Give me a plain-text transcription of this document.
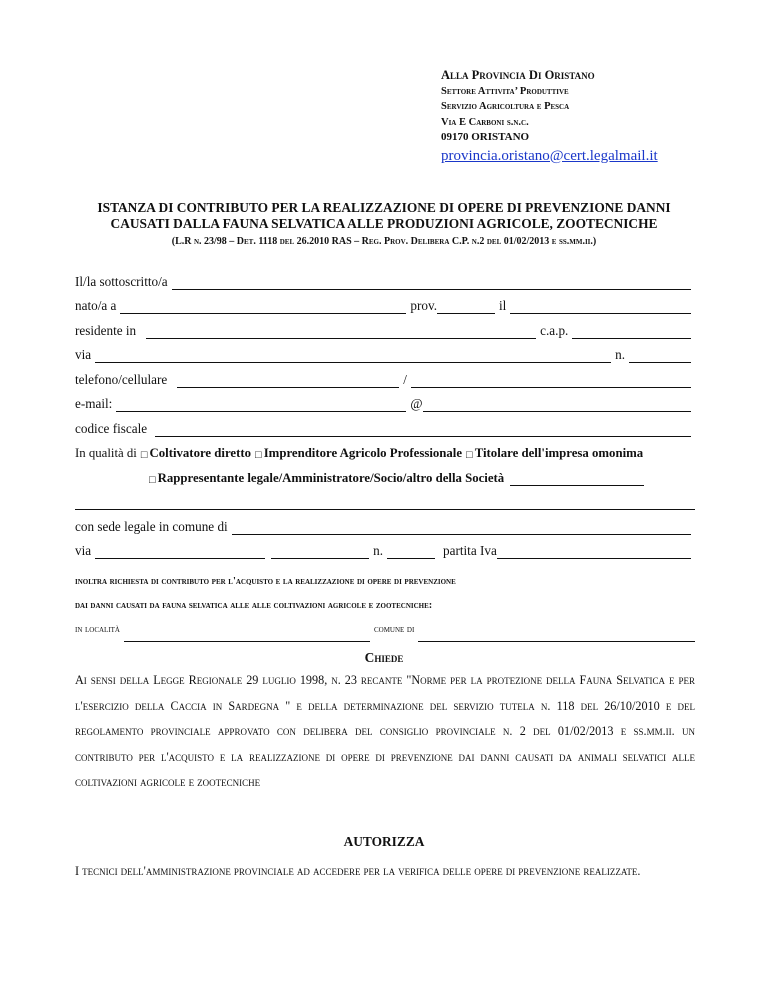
Alla Provincia Di Oristano
Settore Attivita’ Produttive
Servizio Agricoltura e Pesca
Via E Carboni s.n.c.
09170 ORISTANO
provincia.oristano@cert.legalmail.it
ISTANZA DI CONTRIBUTO PER LA REALIZZAZIONE DI OPERE DI PREVENZIONE DANNI
CAUSATI DALLA FAUNA SELVATICA ALLE PRODUZIONI AGRICOLE, ZOOTECNICHE
(L.R n. 23/98 – Det. 1118 del 26.2010 RAS – Reg. Prov. Delibera C.P. n.2 del 01/02/2013 e ss.mm.ii.)
Il/la sottoscritto/a
nato/a a	prov.	il
residente in	c.a.p.
via	n.
telefono/cellulare	/
e-mail:	@
codice fiscale
In qualità di □ Coltivatore diretto □ Imprenditore Agricolo Professionale □ Titolare dell'impresa omonima
□ Rappresentante legale/Amministratore/Socio/altro della Società
con sede legale in comune di
via	n.	partita Iva
inoltra richiesta di contributo per l'acquisto e la realizzazione di opere di prevenzione
dai danni causati da fauna selvatica alle alle coltivazioni agricole e zootecniche:
in località	comune di
Chiede
Ai sensi della Legge Regionale 29 luglio 1998, n. 23 recante "Norme per la protezione della Fauna Selvatica e per l'esercizio della Caccia in Sardegna " e della determinazione del servizio tutela n. 118 del 26/10/2010 e del regolamento provinciale approvato con delibera del consiglio provinciale n. 2 del 01/02/2013 e ss.mm.ii. un contributo per l'acquisto e la realizzazione di opere di prevenzione dai danni causati da animali selvatici alle coltivazioni agricole e zootecniche
AUTORIZZA
I tecnici dell'amministrazione provinciale ad accedere per la verifica delle opere di prevenzione realizzate.
